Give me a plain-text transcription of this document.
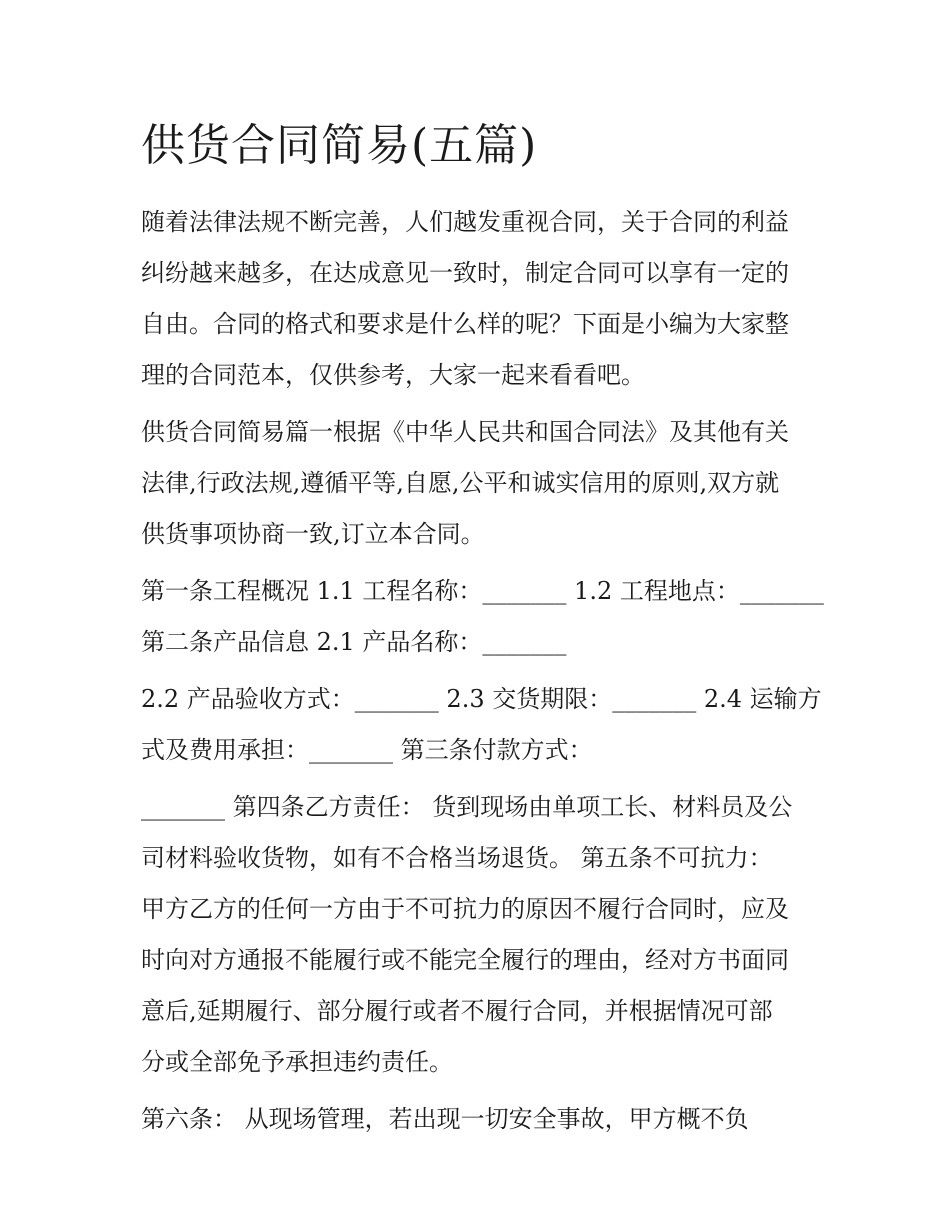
供货合同简易(五篇)

随着法律法规不断完善，人们越发重视合同，关于合同的利益
纠纷越来越多，在达成意见一致时，制定合同可以享有一定的
自由。合同的格式和要求是什么样的呢？下面是小编为大家整
理的合同范本，仅供参考，大家一起来看看吧。

供货合同简易篇一根据《中华人民共和国合同法》及其他有关
法律,行政法规,遵循平等,自愿,公平和诚实信用的原则,双方就
供货事项协商一致,订立本合同。

第一条工程概况 1.1 工程名称：_______ 1.2 工程地点：_______
第二条产品信息 2.1 产品名称：_______

2.2 产品验收方式：_______ 2.3 交货期限：_______ 2.4 运输方
式及费用承担：_______ 第三条付款方式：

_______ 第四条乙方责任： 货到现场由单项工长、材料员及公
司材料验收货物，如有不合格当场退货。 第五条不可抗力：
甲方乙方的任何一方由于不可抗力的原因不履行合同时，应及
时向对方通报不能履行或不能完全履行的理由，经对方书面同
意后,延期履行、部分履行或者不履行合同，并根据情况可部
分或全部免予承担违约责任。

第六条： 从现场管理，若出现一切安全事故，甲方概不负
